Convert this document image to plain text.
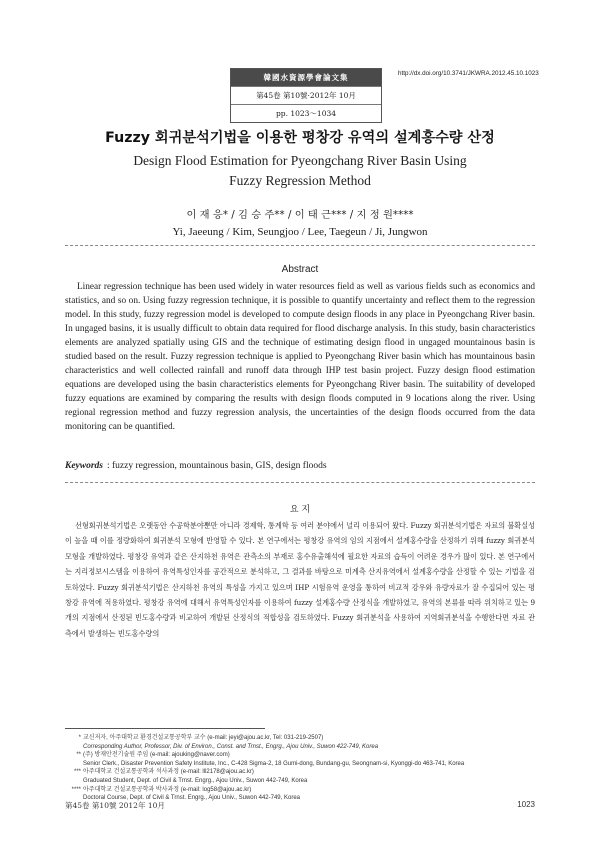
韓國水資源學會論文集
第45卷 第10號·2012年 10月
pp. 1023～1034
http://dx.doi.org/10.3741/JKWRA.2012.45.10.1023
Fuzzy 회귀분석기법을 이용한 평창강 유역의 설계홍수량 산정
Design Flood Estimation for Pyeongchang River Basin Using
Fuzzy Regression Method
이 재 응* / 김 승 주** / 이 태 근*** / 지 정 원****
Yi, Jaeeung / Kim, Seungjoo / Lee, Taegeun / Ji, Jungwon
Abstract

Linear regression technique has been used widely in water resources field as well as various fields such as economics and statistics, and so on. Using fuzzy regression technique, it is possible to quantify uncertainty and reflect them to the regression model. In this study, fuzzy regression model is developed to compute design floods in any place in Pyeongchang River basin. In ungaged basins, it is usually difficult to obtain data required for flood discharge analysis. In this study, basin characteristics elements are analyzed spatially using GIS and the technique of estimating design flood in ungaged mountainous basin is studied based on the result. Fuzzy regression technique is applied to Pyeongchang River basin which has mountainous basin characteristics and well collected rainfall and runoff data through IHP test basin project. Fuzzy design flood estimation equations are developed using the basin characteristics elements for Pyeongchang River basin. The suitability of developed fuzzy equations are examined by comparing the results with design floods computed in 9 locations along the river. Using regional regression method and fuzzy regression analysis, the uncertainties of the design floods occurred from the data monitoring can be quantified.

Keywords : fuzzy regression, mountainous basin, GIS, design floods
요 지

선형회귀분석기법은 오랫동안 수공학분야뿐만 아니라 경제학, 통계학 등 여러 분야에서 널리 이용되어 왔다. Fuzzy 회귀분석기법은 자료의 불확실성이 높을 때 이를 정량화하여 회귀분석 모형에 반영할 수 있다. 본 연구에서는 평창강 유역의 임의 지점에서 설계홍수량을 산정하기 위해 fuzzy 회귀분석모형을 개발하였다. 평창강 유역과 같은 산지하천 유역은 관측소의 부재로 홍수유출해석에 필요한 자료의 습득이 어려운 경우가 많이 있다. 본 연구에서는 지리정보시스템을 이용하여 유역특성인자를 공간적으로 분석하고, 그 결과를 바탕으로 미계측 산지유역에서 설계홍수량을 산정할 수 있는 기법을 검토하였다. Fuzzy 회귀분석기법은 산지하천 유역의 특성을 가지고 있으며 IHP 시험유역 운영을 통하여 비교적 강우와 유량자료가 잘 수집되어 있는 평창강 유역에 적용하였다. 평창강 유역에 대해서 유역특성인자를 이용하여 fuzzy 설계홍수량 산정식을 개발하였고, 유역의 본류를 따라 위치하고 있는 9개의 지점에서 산정된 빈도홍수량과 비교하여 개발된 산정식의 적합성을 검토하였다. Fuzzy 회귀분석을 사용하여 지역회귀분석을 수행한다면 자료 관측에서 발생하는 빈도홍수량의

* 교신저자, 아주대학교 환경건설교통공학부 교수 (e-mail: jeyi@ajou.ac.kr, Tel: 031-219-2507)
Corresponding Author, Professor, Div. of Environ., Const. and Trnst., Engrg., Ajou Univ., Suwon 422-749, Korea
** (주) 방재안전기술원 주임 (e-mail: ajouking@naver.com)
Senior Clerk., Disaster Prevention Safety Institute, Inc., C-428 Sigma-2, 18 Gumi-dong, Bundang-gu, Seongnam-si, Kyonggi-do 463-741, Korea
*** 아주대학교 건설교통공학과 석사과정 (e-mail: lll2178@ajou.ac.kr)
Graduated Student, Dept. of Civil & Trnst. Engrg., Ajou Univ., Suwon 442-749, Korea
**** 아주대학교 건설교통공학과 박사과정 (e-mail: log58@ajou.ac.kr)
Doctoral Course, Dept. of Civil & Trnst. Engrg., Ajou Univ., Suwon 442-749, Korea
第45卷 第10號 2012年 10月	1023
